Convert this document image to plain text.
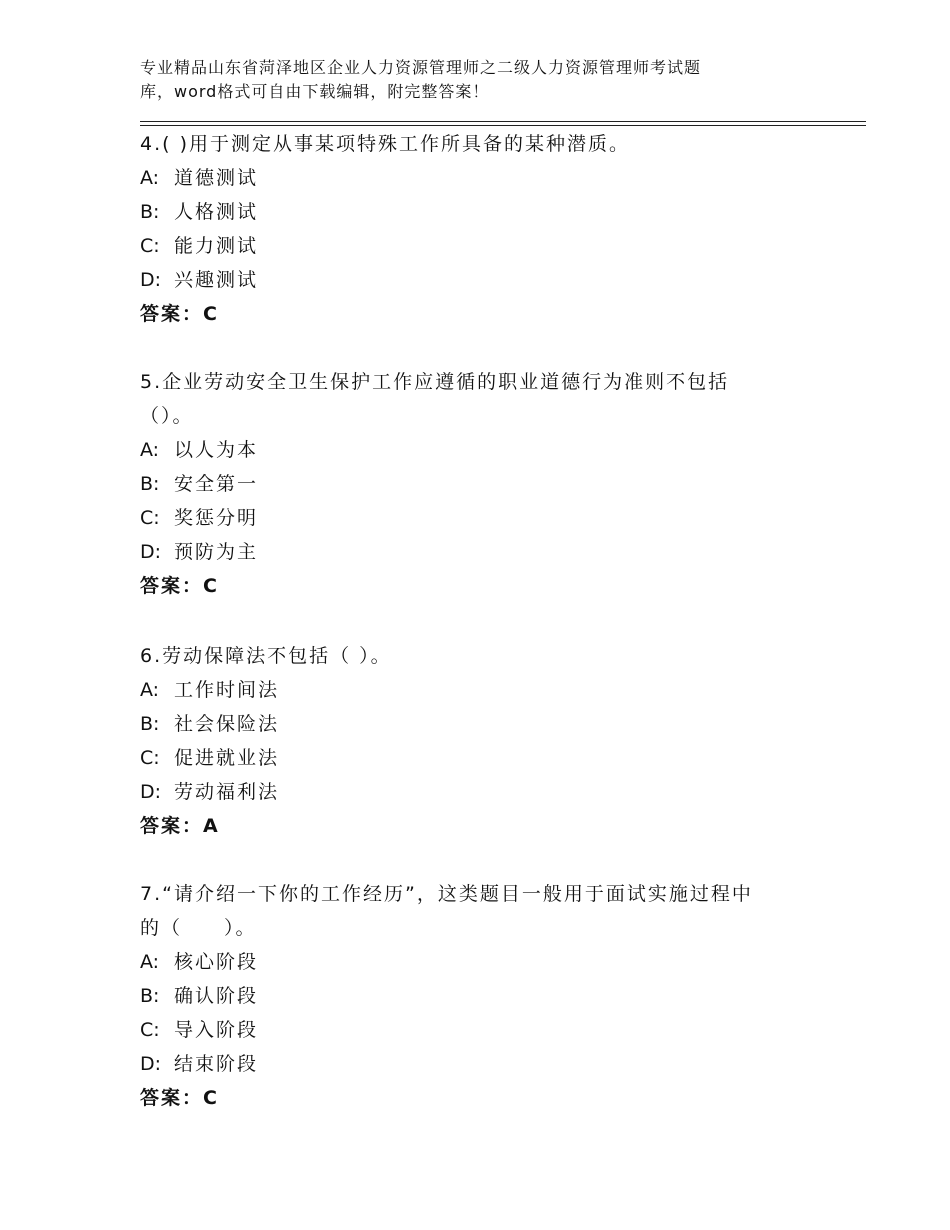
专业精品山东省菏泽地区企业人力资源管理师之二级人力资源管理师考试题
库，word格式可自由下载编辑，附完整答案！
4.( )用于测定从事某项特殊工作所具备的某种潜质。
A: 道德测试
B: 人格测试
C: 能力测试
D: 兴趣测试
答案：C
5.企业劳动安全卫生保护工作应遵循的职业道德行为准则不包括
（）。
A: 以人为本
B: 安全第一
C: 奖惩分明
D: 预防为主
答案：C
6.劳动保障法不包括（ ）。
A: 工作时间法
B: 社会保险法
C: 促进就业法
D: 劳动福利法
答案：A
7.“请介绍一下你的工作经历”，这类题目一般用于面试实施过程中
的（　　）。
A: 核心阶段
B: 确认阶段
C: 导入阶段
D: 结束阶段
答案：C
